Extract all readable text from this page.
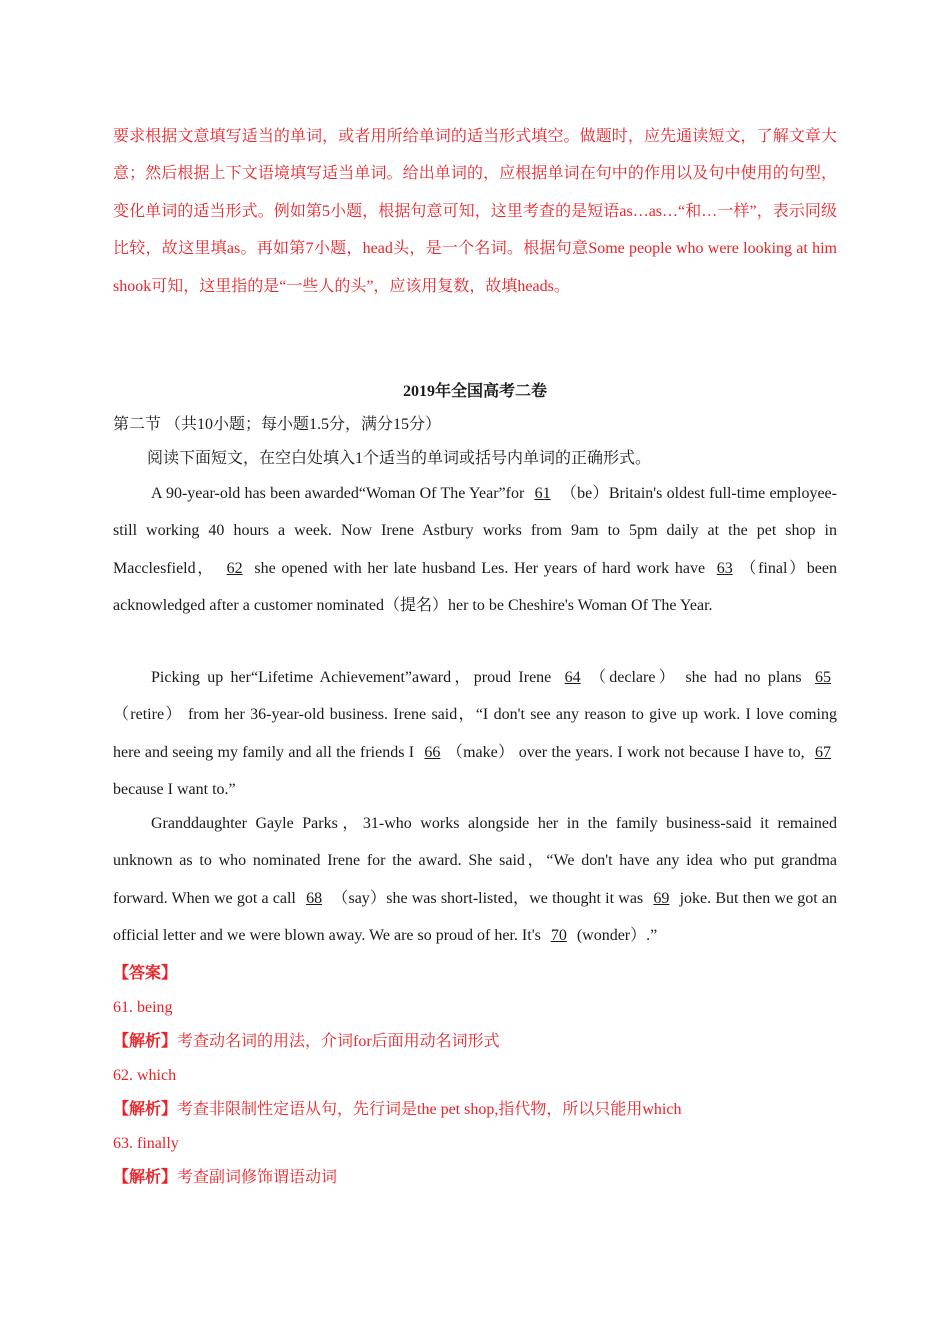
要求根据文意填写适当的单词，或者用所给单词的适当形式填空。做题时，应先通读短文，了解文章大意；然后根据上下文语境填写适当单词。给出单词的，应根据单词在句中的作用以及句中使用的句型，变化单词的适当形式。例如第5小题，根据句意可知，这里考查的是短语as…as…“和…一样”，表示同级比较，故这里填as。再如第7小题，head头，是一个名词。根据句意Some people who were looking at him shook可知，这里指的是“一些人的头”，应该用复数，故填heads。
2019年全国高考二卷
第二节 （共10小题；每小题1.5分，满分15分）
阅读下面短文，在空白处填入1个适当的单词或括号内单词的正确形式。
A 90-year-old has been awarded“Woman Of The Year”for 61 （be）Britain's oldest full-time employee-still working 40 hours a week. Now Irene Astbury works from 9am to 5pm daily at the pet shop in Macclesfield， 62 she opened with her late husband Les. Her years of hard work have 63 （final）been acknowledged after a customer nominated（提名）her to be Cheshire's Woman Of The Year.
Picking up her“Lifetime Achievement”award，proud Irene 64 （declare） she had no plans 65（retire） from her 36-year-old business. Irene said，“I don't see any reason to give up work. I love coming here and seeing my family and all the friends I 66 （make） over the years. I work not because I have to, 67 because I want to.”
Granddaughter Gayle Parks，31-who works alongside her in the family business-said it remained unknown as to who nominated Irene for the award. She said，“We don't have any idea who put grandma forward. When we got a call 68 （say）she was short-listed，we thought it was 69 joke. But then we got an official letter and we were blown away. We are so proud of her. It's 70 (wonder）.”
【答案】
61. being
【解析】考查动名词的用法，介词for后面用动名词形式
62. which
【解析】考查非限制性定语从句，先行词是the pet shop,指代物，所以只能用which
63. finally
【解析】考查副词修饰谓语动词
